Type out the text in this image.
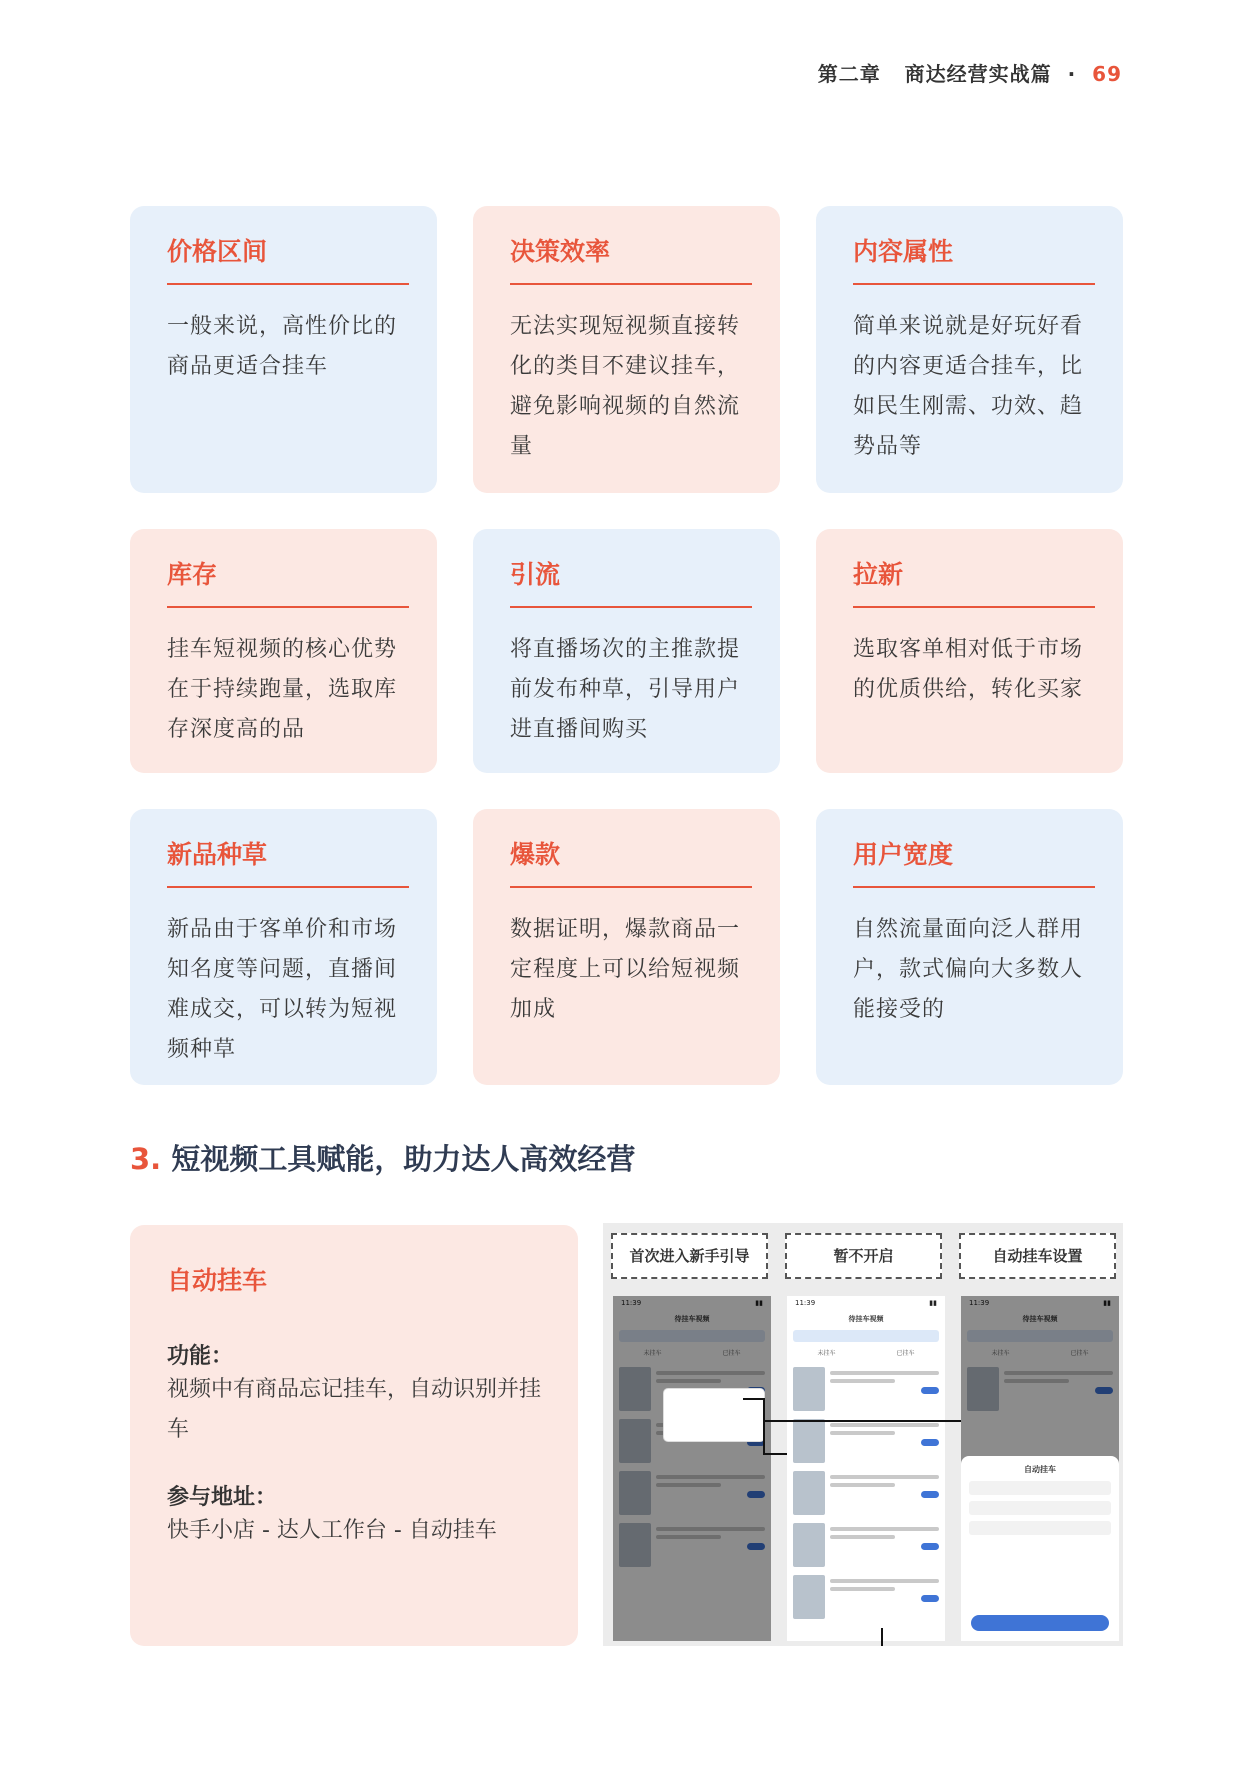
第二章 商达经营实战篇 · 69
价格区间
一般来说，高性价比的商品更适合挂车
决策效率
无法实现短视频直接转化的类目不建议挂车，避免影响视频的自然流量
内容属性
简单来说就是好玩好看的内容更适合挂车，比如民生刚需、功效、趋势品等
库存
挂车短视频的核心优势在于持续跑量，选取库存深度高的品
引流
将直播场次的主推款提前发布种草，引导用户进直播间购买
拉新
选取客单相对低于市场的优质供给，转化买家
新品种草
新品由于客单价和市场知名度等问题，直播间难成交，可以转为短视频种草
爆款
数据证明，爆款商品一定程度上可以给短视频加成
用户宽度
自然流量面向泛人群用户，款式偏向大多数人能接受的
3. 短视频工具赋能，助力达人高效经营
自动挂车
功能：
视频中有商品忘记挂车，自动识别并挂车
参与地址：
快手小店 - 达人工作台 - 自动挂车
首次进入新手引导	暂不开启	自动挂车设置
11:39	▮▮
待挂车视频
未挂车	已挂车
11:39	▮▮
待挂车视频
未挂车	已挂车
11:39	▮▮
待挂车视频
未挂车	已挂车
自动挂车
